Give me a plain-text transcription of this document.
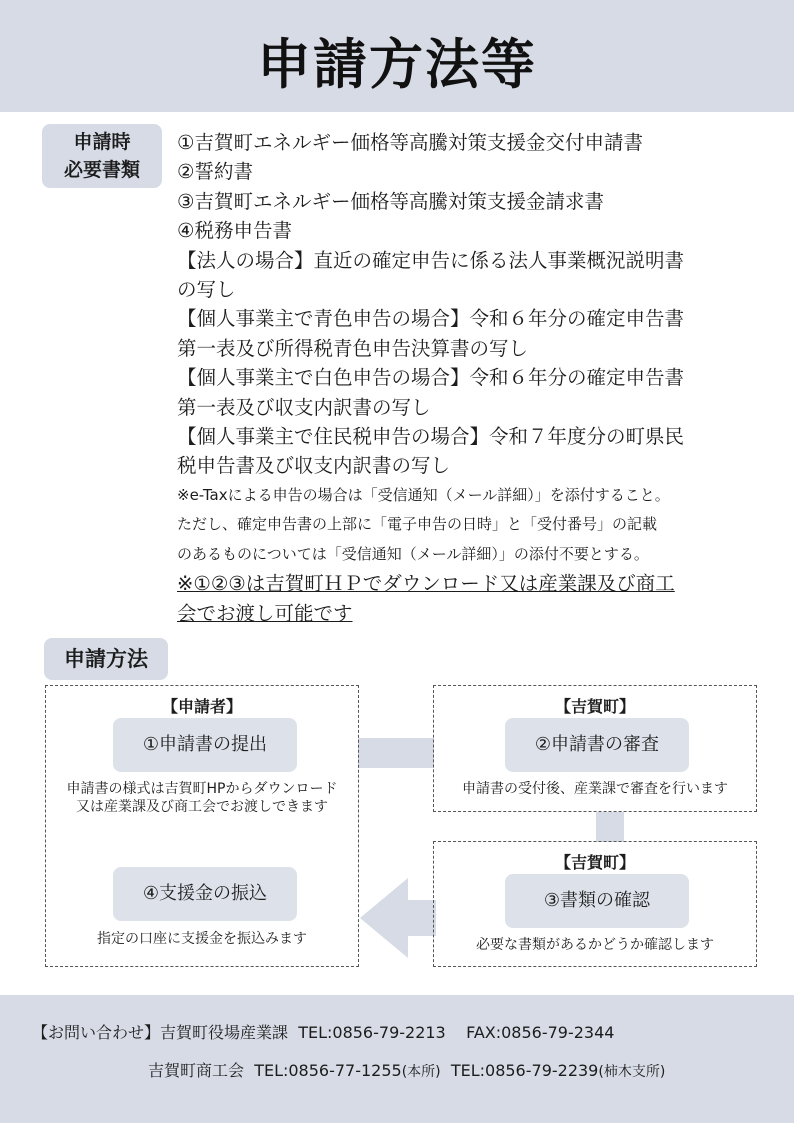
申請方法等
申請時
必要書類
①吉賀町エネルギー価格等高騰対策支援金交付申請書
②誓約書
③吉賀町エネルギー価格等高騰対策支援金請求書
④税務申告書
【法人の場合】直近の確定申告に係る法人事業概況説明書
の写し
【個人事業主で青色申告の場合】令和６年分の確定申告書
第一表及び所得税青色申告決算書の写し
【個人事業主で白色申告の場合】令和６年分の確定申告書
第一表及び収支内訳書の写し
【個人事業主で住民税申告の場合】令和７年度分の町県民
税申告書及び収支内訳書の写し
※e-Taxによる申告の場合は「受信通知（メール詳細）」を添付すること。
ただし、確定申告書の上部に「電子申告の日時」と「受付番号」の記載
のあるものについては「受信通知（メール詳細）」の添付不要とする。
※①②③は吉賀町ＨＰでダウンロード又は産業課及び商工
会でお渡し可能です
申請方法
【申請者】
①申請書の提出
申請書の様式は吉賀町HPからダウンロード
又は産業課及び商工会でお渡しできます
④支援金の振込
指定の口座に支援金を振込みます
【吉賀町】
②申請書の審査
申請書の受付後、産業課で審査を行います
【吉賀町】
③書類の確認
必要な書類があるかどうか確認します
【お問い合わせ】吉賀町役場産業課 TEL:0856-79-2213 FAX:0856-79-2344
吉賀町商工会 TEL:0856-77-1255(本所) TEL:0856-79-2239(柿木支所)
